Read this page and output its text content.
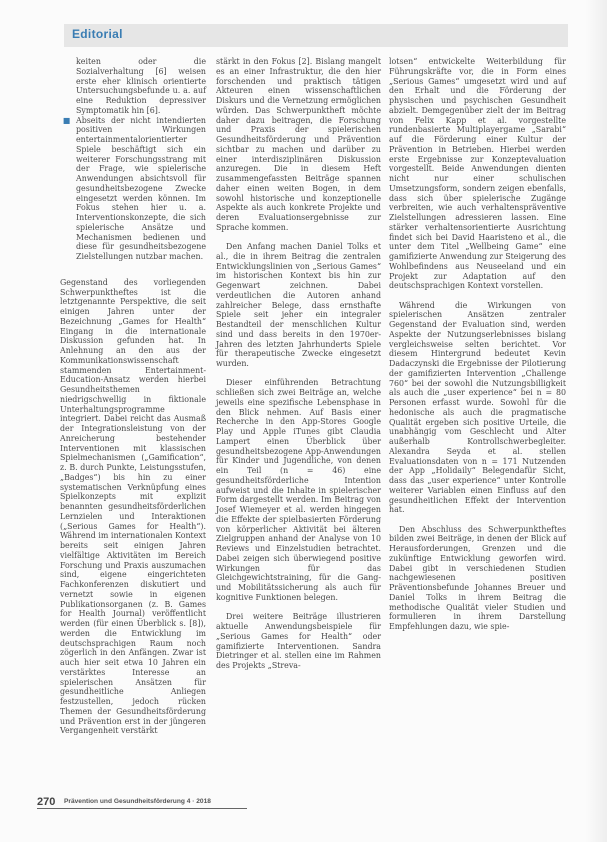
Editorial
keiten oder die Sozialverhaltung [6] weisen erste eher klinisch orientierte Untersuchungsbefunde u. a. auf eine Reduktion depressiver Symptomatik hin [6].
■ Abseits der nicht intendierten positiven Wirkungen entertainmentalorientierter Spiele beschäftigt sich ein weiterer Forschungsstrang mit der Frage, wie spielerische Anwendungen absichtsvoll für gesundheitsbezogene Zwecke eingesetzt werden können. Im Fokus stehen hier u. a. Interventionskonzepte, die sich spielerische Ansätze und Mechanismen bedienen und diese für gesundheitsbezogene Zielstellungen nutzbar machen.

Gegenstand des vorliegenden Schwerpunktheftes ist die letztgenannte Perspektive, die seit einigen Jahren unter der Bezeichnung „Games for Health“ Eingang in die internationale Diskussion gefunden hat. In Anlehnung an den aus der Kommunikationswissenschaft stammenden Entertainment-Education-Ansatz werden hierbei Gesundheitsthemen niedrigschwellig in fiktionale Unterhaltungsprogramme integriert. Dabei reicht das Ausmaß der Integrationsleistung von der Anreicherung bestehender Interventionen mit klassischen Spielmechanismen („Gamification“, z. B. durch Punkte, Leistungsstufen, „Badges“) bis hin zu einer systematischen Verknüpfung eines Spielkonzepts mit explizit benannten gesundheitsförderlichen Lernzielen und Interaktionen („Serious Games for Health“). Während im internationalen Kontext bereits seit einigen Jahren vielfältige Aktivitäten im Bereich Forschung und Praxis auszumachen sind, eigene eingerichteten Fachkonferenzen diskutiert und vernetzt sowie in eigenen Publikationsorganen (z. B. Games for Health Journal) veröffentlicht werden (für einen Überblick s. [8]), werden die Entwicklung im deutschsprachigen Raum noch zögerlich in den Anfängen. Zwar ist auch hier seit etwa 10 Jahren ein verstärktes Interesse an spielerischen Ansätzen für gesundheitliche Anliegen festzustellen, jedoch rücken Themen der Gesundheitsförderung und Prävention erst in der jüngeren Vergangenheit verstärkt

stärkt in den Fokus [2]. Bislang mangelt es an einer Infrastruktur, die den hier forschenden und praktisch tätigen Akteuren einen wissenschaftlichen Diskurs und die Vernetzung ermöglichen würden. Das Schwerpunktheft möchte daher dazu beitragen, die Forschung und Praxis der spielerischen Gesundheitsförderung und Prävention sichtbar zu machen und darüber zu einer interdisziplinären Diskussion anzuregen. Die in diesem Heft zusammengefassten Beiträge spannen daher einen weiten Bogen, in dem sowohl historische und konzeptionelle Aspekte als auch konkrete Projekte und deren Evaluationsergebnisse zur Sprache kommen.

Den Anfang machen Daniel Tolks et al., die in ihrem Beitrag die zentralen Entwicklungslinien von „Serious Games“ im historischen Kontext bis hin zur Gegenwart zeichnen. Dabei verdeutlichen die Autoren anhand zahlreicher Belege, dass ernsthafte Spiele seit jeher ein integraler Bestandteil der menschlichen Kultur sind und dass bereits in den 1970er-Jahren des letzten Jahrhunderts Spiele für therapeutische Zwecke eingesetzt wurden.

Dieser einführenden Betrachtung schließen sich zwei Beiträge an, welche jeweils eine spezifische Lebensphase in den Blick nehmen. Auf Basis einer Recherche in den App-Stores Google Play und Apple iTunes gibt Claudia Lampert einen Überblick über gesundheitsbezogene App-Anwendungen für Kinder und Jugendliche, von denen ein Teil (n = 46) eine gesundheitsförderliche Intention aufweist und die Inhalte in spielerischer Form dargestellt werden. Im Beitrag von Josef Wiemeyer et al. werden hingegen die Effekte der spielbasierten Förderung von körperlicher Aktivität bei älteren Zielgruppen anhand der Analyse von 10 Reviews und Einzelstudien betrachtet. Dabei zeigen sich überwiegend positive Wirkungen für das Gleichgewichtstraining, für die Gang- und Mobilitätssicherung als auch für kognitive Funktionen belegen.

Drei weitere Beiträge illustrieren aktuelle Anwendungsbeispiele für „Serious Games for Health“ oder gamifizierte Interventionen. Sandra Dietringer et al. stellen eine im Rahmen des Projekts „Streva-

lotsen“ entwickelte Weiterbildung für Führungskräfte vor, die in Form eines „Serious Games“ umgesetzt wird und auf den Erhalt und die Förderung der physischen und psychischen Gesundheit abzielt. Demgegenüber zielt der im Beitrag von Felix Kapp et al. vorgestellte rundenbasierte Multiplayergame „Sarabi“ auf die Förderung einer Kultur der Prävention in Betrieben. Hierbei werden erste Ergebnisse zur Konzeptevaluation vorgestellt. Beide Anwendungen dienten nicht nur einer schulischen Umsetzungsform, sondern zeigen ebenfalls, dass sich über spielerische Zugänge verbreiten, wie auch verhaltenspräventive Zielstellungen adressieren lassen. Eine stärker verhaltensorientierte Ausrichtung findet sich bei David Haaristeno et al., die unter dem Titel „Wellbeing Game“ eine gamifizierte Anwendung zur Steigerung des Wohlbefindens aus Neuseeland und ein Projekt zur Adaptation auf den deutschsprachigen Kontext vorstellen.

Während die Wirkungen von spielerischen Ansätzen zentraler Gegenstand der Evaluation sind, werden Aspekte der Nutzungserlebnisses bislang vergleichsweise selten berichtet. Vor diesem Hintergrund bedeutet Kevin Dadaczynski die Ergebnisse der Pilotierung der gamifizierten Intervention „Challenge 760“ bei der sowohl die Nutzungsbilligkeit als auch die „user experience“ bei n = 80 Personen erfasst wurde. Sowohl für die hedonische als auch die pragmatische Qualität ergeben sich positive Urteile, die unabhängig vom Geschlecht und Alter außerhalb Kontrollschwerbegleiter. Alexandra Seyda et al. stellen Evaluationsdaten von n = 171 Nutzenden der App „Holidaily“ Belegendafür Sicht, dass das „user experience“ unter Kontrolle weiterer Variablen einen Einfluss auf den gesundheitlichen Effekt der Intervention hat.

Den Abschluss des Schwerpunktheftes bilden zwei Beiträge, in denen der Blick auf Herausforderungen, Grenzen und die zukünftige Entwicklung geworfen wird. Dabei gibt in verschiedenen Studien nachgewiesenen positiven Präventionsbefunde Johannes Breuer und Daniel Tolks in ihrem Beitrag die methodische Qualität vieler Studien und formulieren in ihrem Darstellung Empfehlungen dazu, wie spie-

270 Prävention und Gesundheitsförderung 4 · 2018
